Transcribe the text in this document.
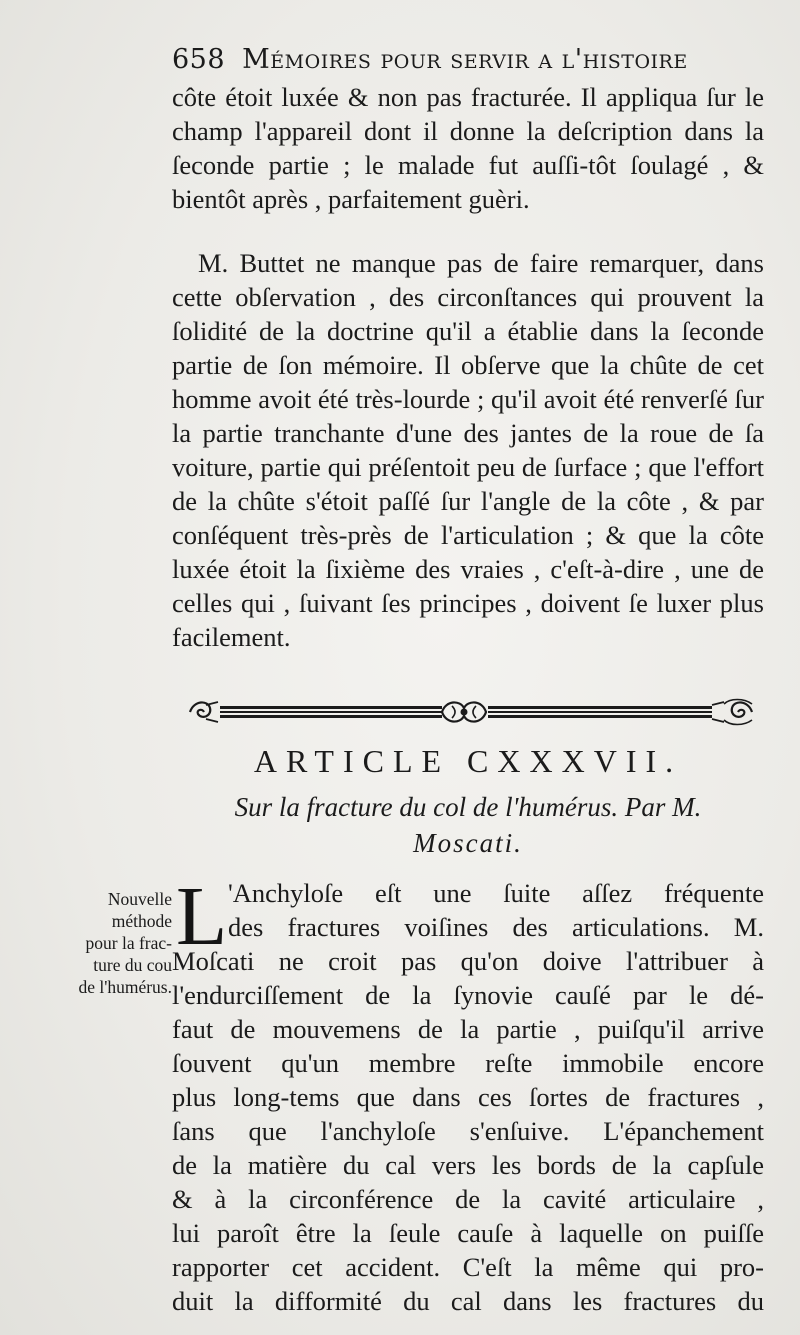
658 Mémoires pour servir a l'histoire

côte étoit luxée & non pas fracturée. Il appliqua ſur le champ l'appareil dont il donne la deſcription dans la ſeconde partie ; le malade fut auſſi-tôt ſoulagé , & bientôt après , parfaitement guèri.

M. Buttet ne manque pas de faire remarquer, dans cette obſervation , des circonſtances qui prouvent la ſolidité de la doctrine qu'il a établie dans la ſeconde partie de ſon mémoire. Il obſerve que la chûte de cet homme avoit été très-lourde ; qu'il avoit été renverſé ſur la partie tranchante d'une des jantes de la roue de ſa voiture, partie qui préſentoit peu de ſurface ; que l'effort de la chûte s'étoit paſſé ſur l'angle de la côte , & par conſéquent très-près de l'articulation ; & que la côte luxée étoit la ſixième des vraies , c'eſt-à-dire , une de celles qui , ſuivant ſes principes , doivent ſe luxer plus facilement.

ARTICLE CXXXVII.
Sur la fracture du col de l'humérus. Par M.
Moscati.
Nouvelle
méthode
pour la frac-
ture du cou
de l'humérus.
L 'Anchyloſe eſt une ſuite aſſez fréquente
des fractures voiſines des articulations. M.
Moſcati ne croit pas qu'on doive l'attribuer à
l'endurciſſement de la ſynovie cauſé par le dé-
faut de mouvemens de la partie , puiſqu'il arrive
ſouvent qu'un membre reſte immobile encore
plus long-tems que dans ces ſortes de fractures ,
ſans que l'anchyloſe s'enſuive. L'épanchement
de la matière du cal vers les bords de la capſule
& à la circonférence de la cavité articulaire ,
lui paroît être la ſeule cauſe à laquelle on puiſſe
rapporter cet accident. C'eſt la même qui pro-
duit la difformité du cal dans les fractures du
